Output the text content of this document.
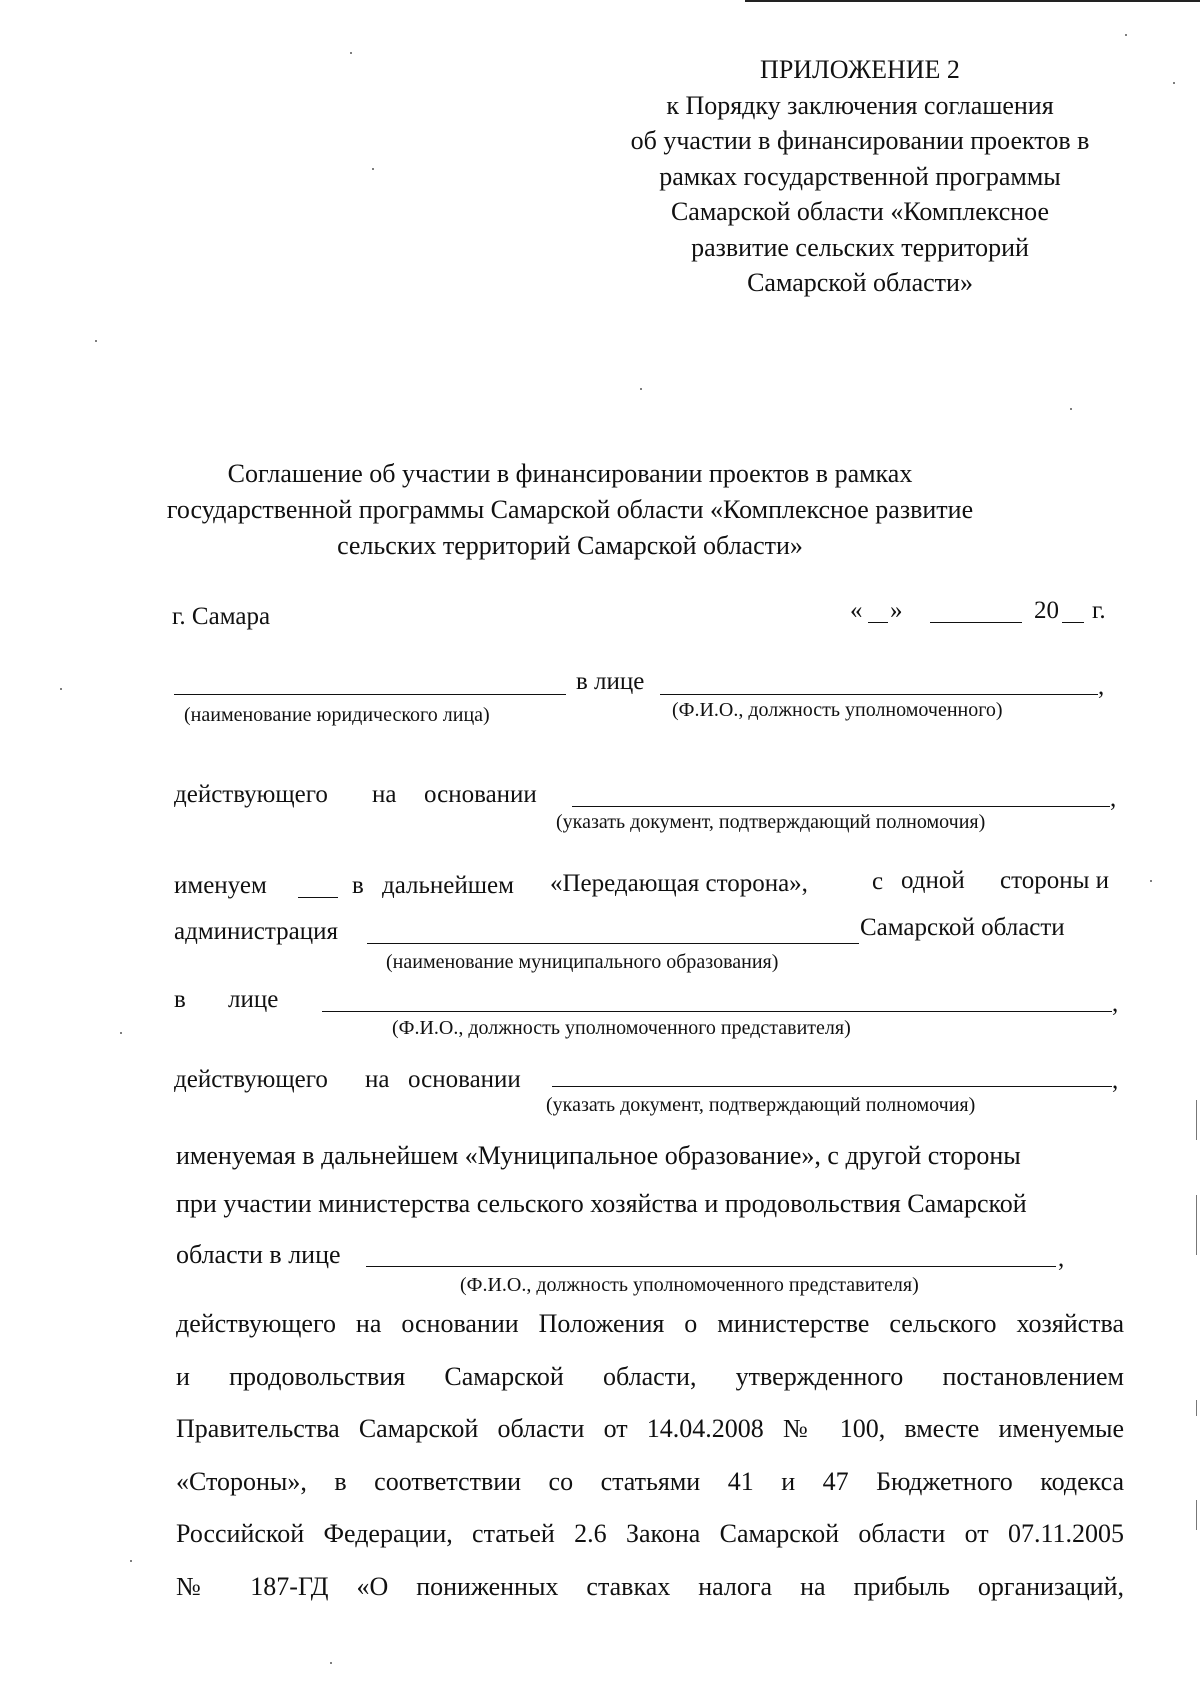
ПРИЛОЖЕНИЕ 2
к Порядку заключения соглашения
об участии в финансировании проектов в
рамках государственной программы
Самарской области «Комплексное
развитие сельских территорий
Самарской области»
Соглашение об участии в финансировании проектов в рамках
государственной программы Самарской области «Комплексное развитие
сельских территорий Самарской области»
г. Самара	« »	20 г.
в лице	,
(наименование юридического лица)	(Ф.И.О., должность уполномоченного)
действующего на основании	,
(указать документ, подтверждающий полномочия)
именуем	в дальнейшем «Передающая сторона»,	с одной стороны и
администрация	Самарской области
(наименование муниципального образования)
в лице	,
(Ф.И.О., должность уполномоченного представителя)
действующего на основании	,
(указать документ, подтверждающий полномочия)
именуемая в дальнейшем «Муниципальное образование», с другой стороны
при участии министерства сельского хозяйства и продовольствия Самарской
области в лице	,
(Ф.И.О., должность уполномоченного представителя)
действующего на основании Положения о министерстве сельского хозяйства
и продовольствия Самарской области, утвержденного постановлением
Правительства Самарской области от 14.04.2008 № 100, вместе именуемые
«Стороны», в соответствии со статьями 41 и 47 Бюджетного кодекса
Российской Федерации, статьей 2.6 Закона Самарской области от 07.11.2005
№ 187-ГД «О пониженных ставках налога на прибыль организаций,
